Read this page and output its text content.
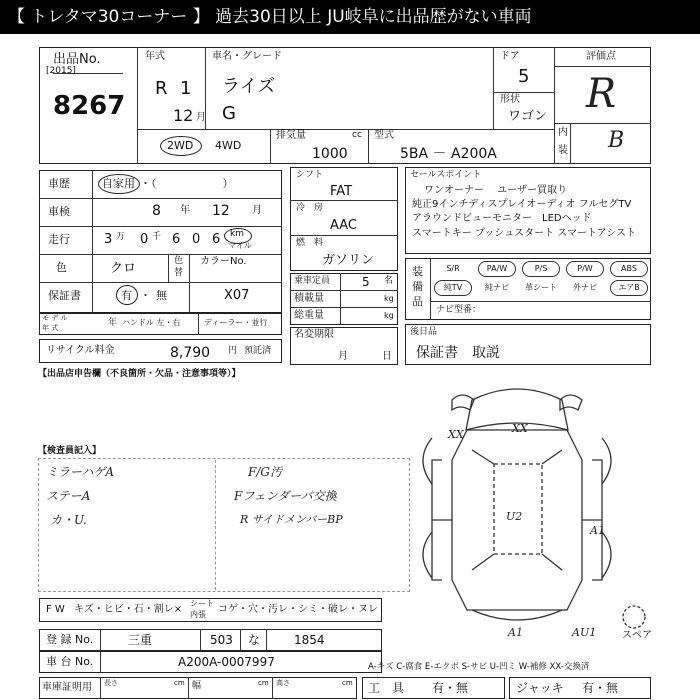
【 トレタマ30コーナー 】 過去30日以上 JU岐阜に出品歴がない車両
出品No.
[2015]
8267
年式
R 1
12 月
車名・グレード
ライズ
G
ドア
5
形状
ワゴン
評価点
R
内
装 B
2WD 4WD
排気量	cc
1000
型式
5BA － A200A
車歴	自家用 ・（　　　　　　）
車検	8 年 12 月
走行	3 万 0 千 6 0 6 km
マイル
色	クロ	色
替
カラーNo.
X07
保証書	有 ・ 無
モ デ ル
年 式	年 ハンドル 左・右	ディーラー・並行
リサイクル料金	8,790 円 預託済
シフト
FAT
冷　房
AAC
燃　料
ガソリン
乗車定員	5 名
積載量	kg
総重量	kg
名変期限
月	日
セールスポイント
ワンオーナー　 ユーザー買取り
純正9インチディスプレイオーディオ フルセグTV
アラウンドビューモニター　LEDヘッド
スマートキー プッシュスタート スマートアシスト
装
備
品
S/R	PA/W	P/S	P/W	ABS
純TV	純ナビ	革シート	外ナビ	エアB
ナビ型番：
後日品
保証書　取説
【出品店申告欄（不良箇所・欠品・注意事項等）】
【検査員記入】
ミラーハゲA
ステーA
カ・U.
F/G汚
Fフェンダーバ交換
R サイドメンバーBP
XX	XX
U2
A1
A1	AU1	スペア
F W キズ・ヒビ・石・割レ×
シート
内張 コゲ・穴・汚レ・シミ・破レ・ヌレ
登 録 No.	三重	503 な	1854
車 台 No.	A200A-0007997	A-キズ C-腐食 E-エクボ S-サビ U-凹ミ W-補修 XX-交換済
車庫証明用 長さ	cm 幅	cm 高さ	cm 工　具 有・無	ジャッキ 有・無
